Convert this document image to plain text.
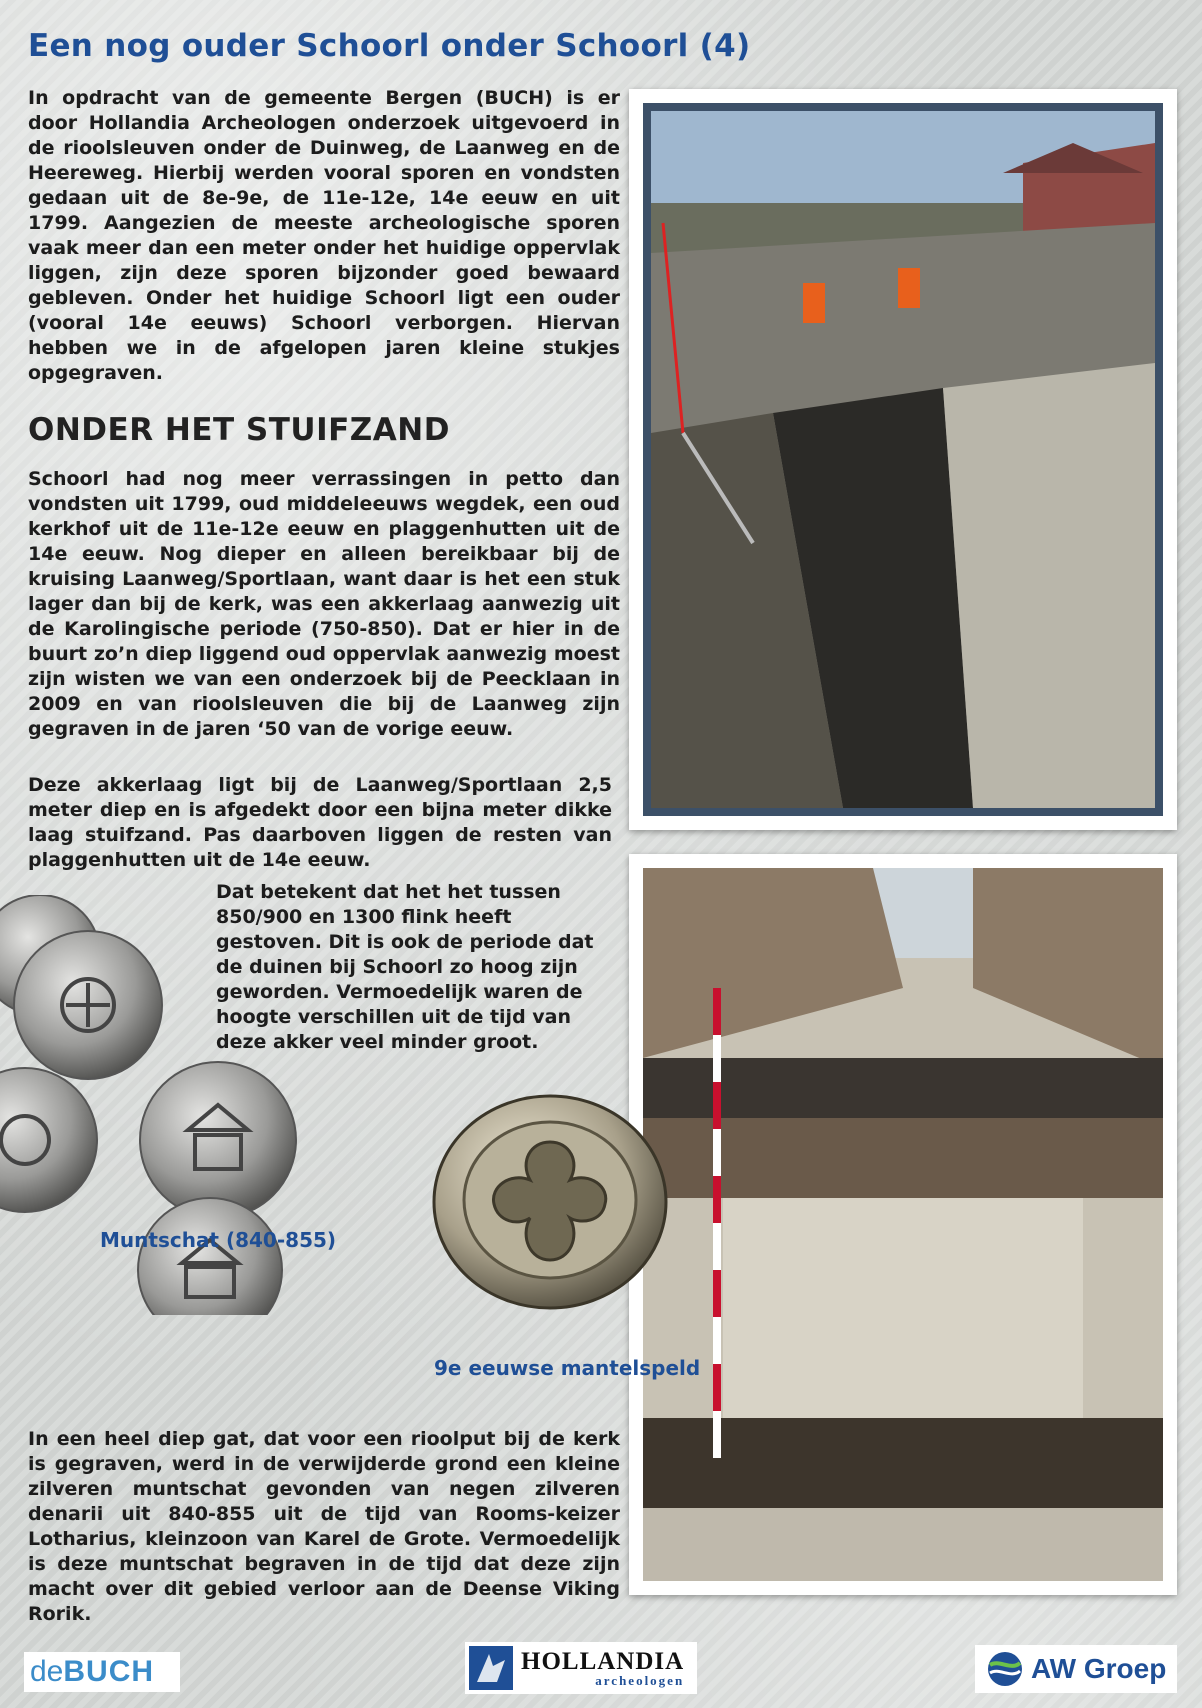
Een nog ouder Schoorl onder Schoorl (4)

In opdracht van de gemeente Bergen (BUCH) is er door Hollandia Archeologen onderzoek uitgevoerd in de rioolsleuven onder de Duinweg, de Laanweg en de Heereweg. Hierbij werden vooral sporen en vondsten gedaan uit de 8e-9e, de 11e-12e, 14e eeuw en uit 1799. Aangezien de meeste archeologische sporen vaak meer dan een meter onder het huidige oppervlak liggen, zijn deze sporen bijzonder goed bewaard gebleven. Onder het huidige Schoorl ligt een ouder (vooral 14e eeuws) Schoorl verborgen. Hiervan hebben we in de afgelopen jaren kleine stukjes opgegraven.

ONDER HET STUIFZAND

Schoorl had nog meer verrassingen in petto dan vondsten uit 1799, oud middeleeuws wegdek, een oud kerkhof uit de 11e-12e eeuw en plaggenhutten uit de 14e eeuw. Nog dieper en alleen bereikbaar bij de kruising Laanweg/Sportlaan, want daar is het een stuk lager dan bij de kerk, was een akkerlaag aanwezig uit de Karolingische periode (750-850). Dat er hier in de buurt zo’n diep liggend oud oppervlak aanwezig moest zijn wisten we van een onderzoek bij de Peecklaan in 2009 en van rioolsleuven die bij de Laanweg zijn gegraven in de jaren ‘50 van de vorige eeuw.

Deze akkerlaag ligt bij de Laanweg/Sportlaan 2,5 meter diep en is afgedekt door een bijna meter dikke laag stuifzand. Pas daarboven liggen de resten van plaggenhutten uit de 14e eeuw.

Dat betekent dat het het tussen 850/900 en 1300 flink heeft gestoven. Dit is ook de periode dat de duinen bij Schoorl zo hoog zijn geworden. Vermoedelijk waren de hoogte verschillen uit de tijd van deze akker veel minder groot.

Muntschat (840-855)
9e eeuwse mantelspeld

In een heel diep gat, dat voor een rioolput bij de kerk is gegraven, werd in de verwijderde grond een kleine zilveren muntschat gevonden van negen zilveren denarii uit 840-855 uit de tijd van Rooms-keizer Lotharius, kleinzoon van Karel de Grote. Vermoedelijk is deze muntschat begraven in de tijd dat deze zijn macht over dit gebied verloor aan de Deense Viking Rorik.

de BUCH	HOLLANDIA
archeologen	AW Groep
